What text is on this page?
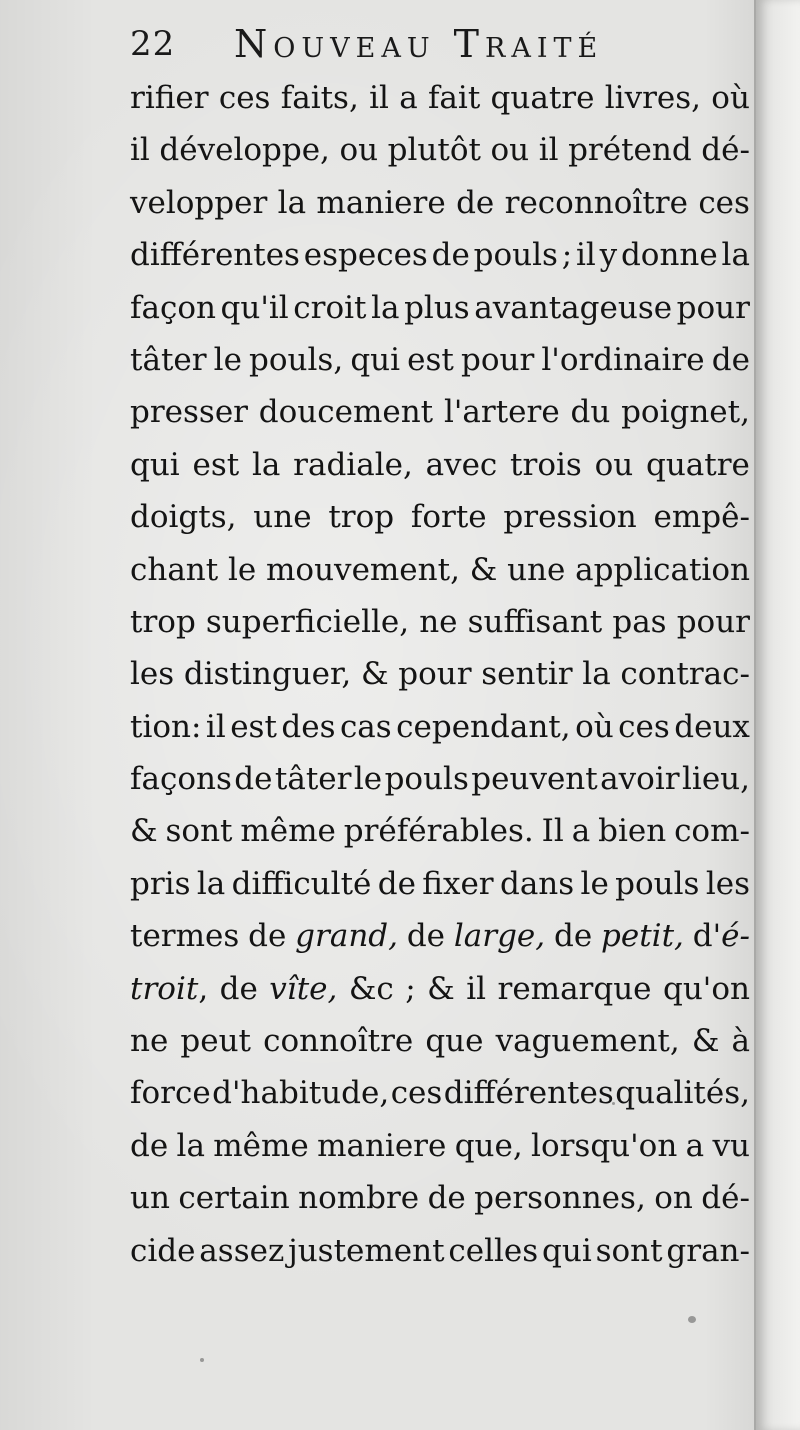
22 Nouveau Traité
rifier ces faits, il a fait quatre livres, où
il développe, ou plutôt ou il prétend dé-
velopper la maniere de reconnoître ces
différentes especes de pouls ; il y donne la
façon qu'il croit la plus avantageuse pour
tâter le pouls, qui est pour l'ordinaire de
presser doucement l'artere du poignet,
qui est la radiale, avec trois ou quatre
doigts, une trop forte pression empê-
chant le mouvement, & une application
trop superficielle, ne suffisant pas pour
les distinguer, & pour sentir la contrac-
tion: il est des cas cependant, où ces deux
façons de tâter le pouls peuvent avoir lieu,
& sont même préférables. Il a bien com-
pris la difficulté de fixer dans le pouls les
termes de grand, de large, de petit, d'é-
troit, de vîte, &c ; & il remarque qu'on
ne peut connoître que vaguement, & à
force d'habitude, ces différentes qualités,
de la même maniere que, lorsqu'on a vu
un certain nombre de personnes, on dé-
cide assez justement celles qui sont gran-
